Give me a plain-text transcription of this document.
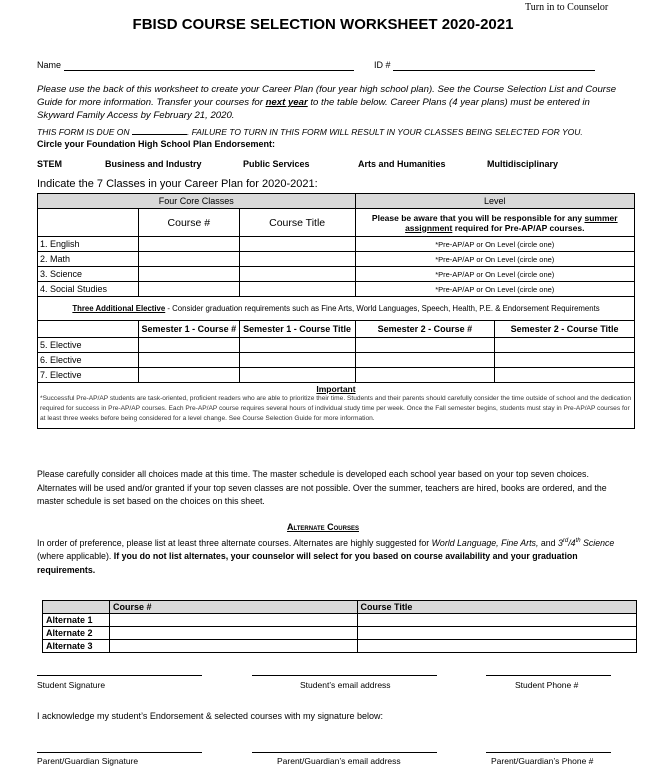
Turn in to Counselor
FBISD COURSE SELECTION WORKSHEET 2020-2021
Name	ID #
Please use the back of this worksheet to create your Career Plan (four year high school plan). See the Course Selection List and Course Guide for more information. Transfer your courses for next year to the table below. Career Plans (4 year plans) must be entered in Skyward Family Access by February 21, 2020.
THIS FORM IS DUE ON	. FAILURE TO TURN IN THIS FORM WILL RESULT IN YOUR CLASSES BEING SELECTED FOR YOU.
Circle your Foundation High School Plan Endorsement:
STEM	Business and Industry	Public Services	Arts and Humanities	Multidisciplinary
Indicate the 7 Classes in your Career Plan for 2020-2021:
Four Core Classes			Level	
	Course #	Course Title	Please be aware that you will be responsible for any summer assignment required for Pre-AP/AP courses.	
1. English			*Pre-AP/AP or On Level (circle one)	
2. Math			*Pre-AP/AP or On Level (circle one)	
3. Science			*Pre-AP/AP or On Level (circle one)	
4. Social Studies			*Pre-AP/AP or On Level (circle one)	
Three Additional Elective - Consider graduation requirements such as Fine Arts, World Languages, Speech, Health, P.E. & Endorsement Requirements				
	Semester 1 - Course #	Semester 1 - Course Title	Semester 2 - Course #	Semester 2 - Course Title
5. Elective				
6. Elective				
7. Elective				

Important
*Successful Pre-AP/AP students are task-oriented, proficient readers who are able to prioritize their time. Students and their parents should carefully consider the time outside of school and the dedication required for success in Pre-AP/AP courses. Each Pre-AP/AP course requires several hours of individual study time per week. Once the Fall semester begins, students must stay in Pre-AP/AP courses for at least three weeks before being considered for a level change. See Course Selection Guide for more information.				
Please carefully consider all choices made at this time. The master schedule is developed each school year based on your top seven choices. Alternates will be used and/or granted if your top seven classes are not possible. Over the summer, teachers are hired, books are ordered, and the master schedule is set based on the choices on this sheet.
Alternate Courses
In order of preference, please list at least three alternate courses. Alternates are highly suggested for World Language, Fine Arts, and 3rd/4th Science (where applicable). If you do not list alternates, your counselor will select for you based on course availability and your graduation requirements.
	Course #	Course Title
Alternate 1		
Alternate 2		
Alternate 3		
Student Signature	Student’s email address	Student Phone #
I acknowledge my student’s Endorsement & selected courses with my signature below:
Parent/Guardian Signature	Parent/Guardian’s email address	Parent/Guardian’s Phone #
